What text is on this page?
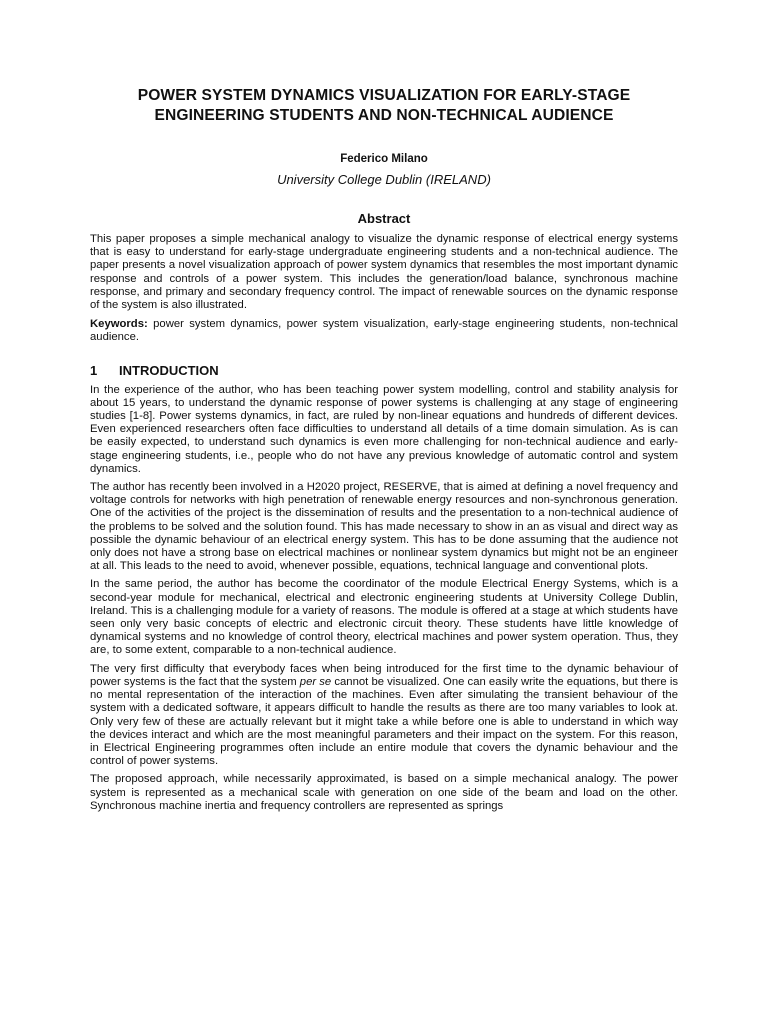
POWER SYSTEM DYNAMICS VISUALIZATION FOR EARLY-STAGE
ENGINEERING STUDENTS AND NON-TECHNICAL AUDIENCE
Federico Milano
University College Dublin (IRELAND)
Abstract

This paper proposes a simple mechanical analogy to visualize the dynamic response of electrical energy systems that is easy to understand for early-stage undergraduate engineering students and a non-technical audience. The paper presents a novel visualization approach of power system dynamics that resembles the most important dynamic response and controls of a power system. This includes the generation/load balance, synchronous machine response, and primary and secondary frequency control. The impact of renewable sources on the dynamic response of the system is also illustrated.

Keywords: power system dynamics, power system visualization, early-stage engineering students, non-technical audience.

1	INTRODUCTION

In the experience of the author, who has been teaching power system modelling, control and stability analysis for about 15 years, to understand the dynamic response of power systems is challenging at any stage of engineering studies [1-8]. Power systems dynamics, in fact, are ruled by non-linear equations and hundreds of different devices. Even experienced researchers often face difficulties to understand all details of a time domain simulation. As is can be easily expected, to understand such dynamics is even more challenging for non-technical audience and early-stage engineering students, i.e., people who do not have any previous knowledge of automatic control and system dynamics.

The author has recently been involved in a H2020 project, RESERVE, that is aimed at defining a novel frequency and voltage controls for networks with high penetration of renewable energy resources and non-synchronous generation. One of the activities of the project is the dissemination of results and the presentation to a non-technical audience of the problems to be solved and the solution found. This has made necessary to show in an as visual and direct way as possible the dynamic behaviour of an electrical energy system. This has to be done assuming that the audience not only does not have a strong base on electrical machines or nonlinear system dynamics but might not be an engineer at all. This leads to the need to avoid, whenever possible, equations, technical language and conventional plots.

In the same period, the author has become the coordinator of the module Electrical Energy Systems, which is a second-year module for mechanical, electrical and electronic engineering students at University College Dublin, Ireland. This is a challenging module for a variety of reasons. The module is offered at a stage at which students have seen only very basic concepts of electric and electronic circuit theory. These students have little knowledge of dynamical systems and no knowledge of control theory, electrical machines and power system operation. Thus, they are, to some extent, comparable to a non-technical audience.

The very first difficulty that everybody faces when being introduced for the first time to the dynamic behaviour of power systems is the fact that the system per se cannot be visualized. One can easily write the equations, but there is no mental representation of the interaction of the machines. Even after simulating the transient behaviour of the system with a dedicated software, it appears difficult to handle the results as there are too many variables to look at. Only very few of these are actually relevant but it might take a while before one is able to understand in which way the devices interact and which are the most meaningful parameters and their impact on the system. For this reason, in Electrical Engineering programmes often include an entire module that covers the dynamic behaviour and the control of power systems.

The proposed approach, while necessarily approximated, is based on a simple mechanical analogy. The power system is represented as a mechanical scale with generation on one side of the beam and load on the other. Synchronous machine inertia and frequency controllers are represented as springs
